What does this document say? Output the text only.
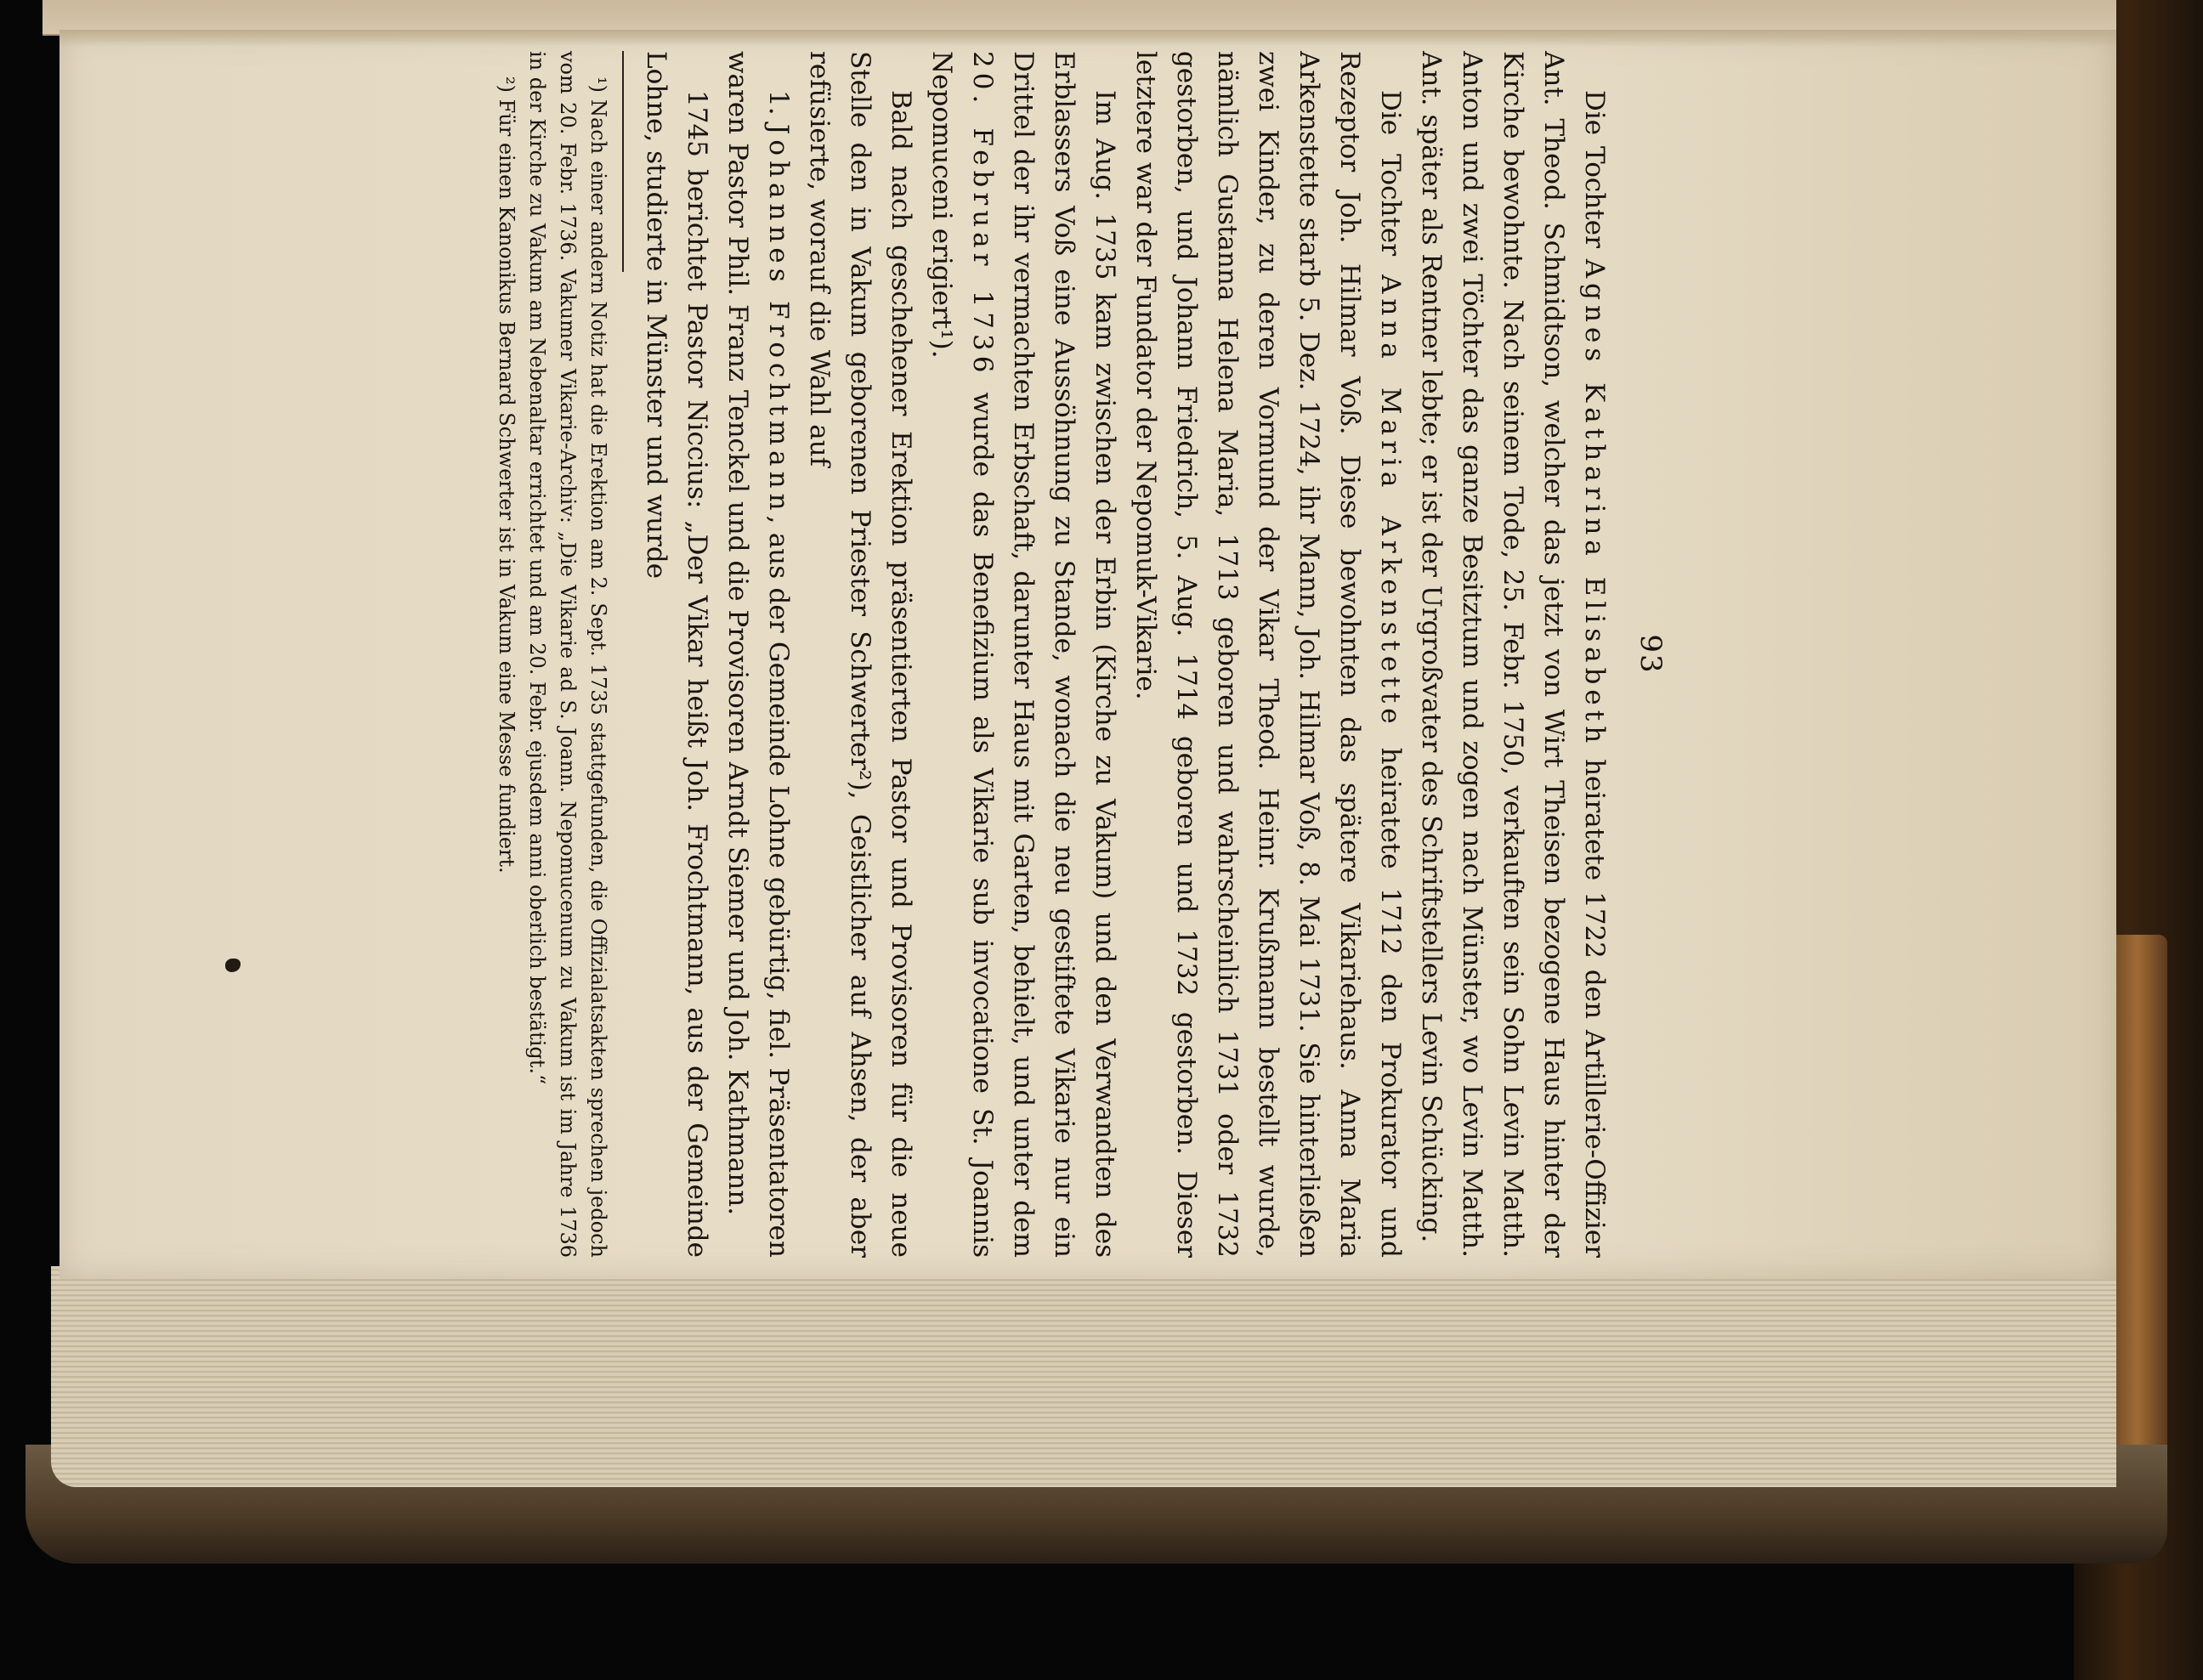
93

Die Tochter Agnes Katharina Elisabeth heiratete 1722 den Artillerie-Offizier Ant. Theod. Schmidtson, welcher das jetzt von Wirt Theisen bezogene Haus hinter der Kirche bewohnte. Nach seinem Tode, 25. Febr. 1750, verkauften sein Sohn Levin Matth. Anton und zwei Töchter das ganze Besitztum und zogen nach Münster, wo Levin Matth. Ant. später als Rentner lebte; er ist der Urgroßvater des Schriftstellers Levin Schücking.

Die Tochter Anna Maria Arkenstette heiratete 1712 den Prokurator und Rezeptor Joh. Hilmar Voß. Diese bewohnten das spätere Vikariehaus. Anna Maria Arkenstette starb 5. Dez. 1724, ihr Mann, Joh. Hilmar Voß, 8. Mai 1731. Sie hinterließen zwei Kinder, zu deren Vormund der Vikar Theod. Heinr. Krußmann bestellt wurde, nämlich Gustanna Helena Maria, 1713 geboren und wahrscheinlich 1731 oder 1732 gestorben, und Johann Friedrich, 5. Aug. 1714 geboren und 1732 gestorben. Dieser letztere war der Fundator der Nepomuk-Vikarie.

Im Aug. 1735 kam zwischen der Erbin (Kirche zu Vakum) und den Verwandten des Erblassers Voß eine Aussöhnung zu Stande, wonach die neu gestiftete Vikarie nur ein Drittel der ihr vermachten Erbschaft, darunter Haus mit Garten, behielt, und unter dem 20. Februar 1736 wurde das Benefizium als Vikarie sub invocatione St. Joannis Nepomuceni erigiert¹).

Bald nach geschehener Erektion präsentierten Pastor und Provisoren für die neue Stelle den in Vakum geborenen Priester Schwerter²), Geistlicher auf Ahsen, der aber refüsierte, worauf die Wahl auf

1. Johannes Frochtmann, aus der Gemeinde Lohne gebürtig, fiel. Präsentatoren waren Pastor Phil. Franz Tenckel und die Provisoren Arndt Siemer und Joh. Kathmann.

1745 berichtet Pastor Niccius: „Der Vikar heißt Joh. Frochtmann, aus der Gemeinde Lohne, studierte in Münster und wurde

¹) Nach einer andern Notiz hat die Erektion am 2. Sept. 1735 stattgefunden, die Offizialatsakten sprechen jedoch vom 20. Febr. 1736. Vakumer Vikarie-Archiv: „Die Vikarie ad S. Joann. Nepomucenum zu Vakum ist im Jahre 1736 in der Kirche zu Vakum am Nebenaltar errichtet und am 20. Febr. ejusdem anni oberlich bestätigt.“

²) Für einen Kanonikus Bernard Schwerter ist in Vakum eine Messe fundiert.
